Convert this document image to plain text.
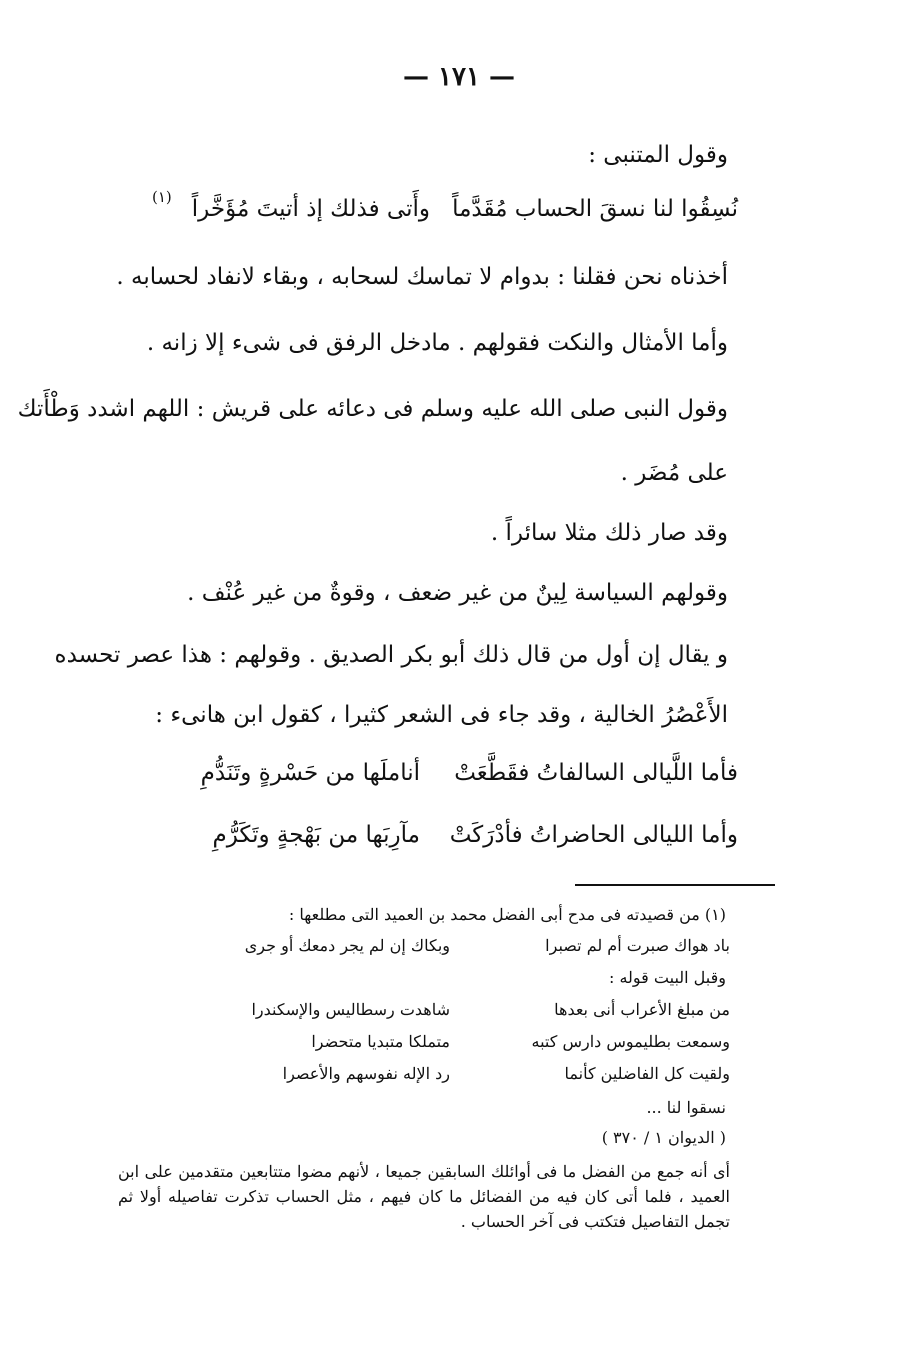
— ١٧١ —
وقول المتنبى :
نُسِقُوا لنا نسقَ الحساب مُقَدَّماً
وأَتى فذلك إذ أتيتَ مُؤَخَّراً
(١)
أخذناه نحن فقلنا : بدوام لا تماسك لسحابه ، وبقاء لانفاد لحسابه .
وأما الأمثال والنكت فقولهم . مادخل الرفق فى شىء إلا زانه .
وقول النبى صلى الله عليه وسلم فى دعائه على قريش : اللهم اشدد وَطْأَتك
على مُضَر .
وقد صار ذلك مثلا سائراً .
وقولهم السياسة لِينٌ من غير ضعف ، وقوةٌ من غير عُنْف .
و يقال إن أول من قال ذلك أبو بكر الصديق . وقولهم : هذا عصر تحسده
الأَعْصُرُ الخالية ، وقد جاء فى الشعر كثيرا ، كقول ابن هانىء :
فأما اللَّيالى السالفاتُ فقَطَّعَتْ
أناملَها من حَسْرةٍ وتَنَدُّمِ
وأما الليالى الحاضراتُ فأدْرَكَتْ
مآرِبَها من بَهْجةٍ وتَكَرُّمِ
(١) من قصيدته فى مدح أبى الفضل محمد بن العميد التى مطلعها :
باد هواك صبرت أم لم تصبرا
وبكاك إن لم يجر دمعك أو جرى
وقبل البيت قوله :
من مبلغ الأعراب أنى بعدها
شاهدت رسطاليس والإسكندرا
وسمعت بطليموس دارس كتبه
متملكا متبديا متحضرا
ولقيت كل الفاضلين كأنما
رد الإله نفوسهم والأعصرا
نسقوا لنا ...
( الديوان ١ / ٣٧٠ )
أى أنه جمع من الفضل ما فى أوائلك السابقين جميعا ، لأنهم مضوا متتابعين متقدمين على ابن العميد ، فلما أتى كان فيه من الفضائل ما كان فيهم ، مثل الحساب تذكرت تفاصيله أولا ثم تجمل التفاصيل فتكتب فى آخر الحساب .
